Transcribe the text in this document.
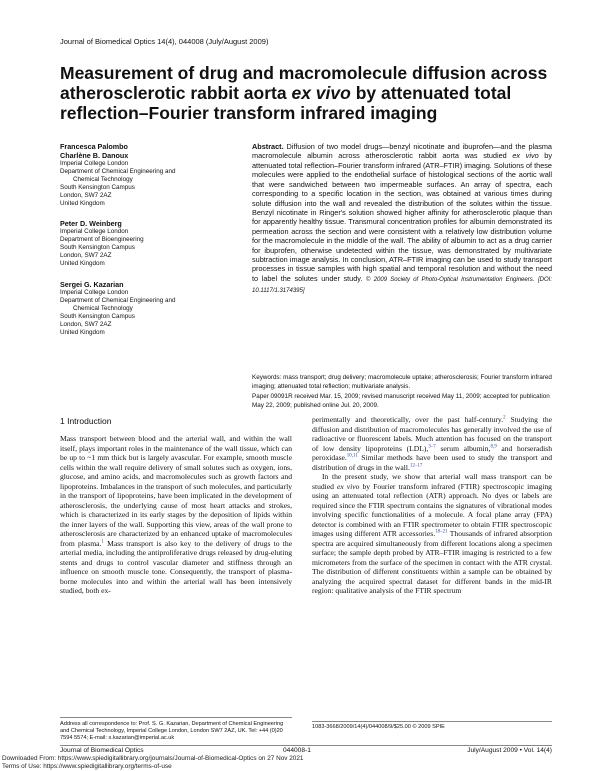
Journal of Biomedical Optics 14(4), 044008 (July/August 2009)
Measurement of drug and macromolecule diffusion across atherosclerotic rabbit aorta ex vivo by attenuated total reflection–Fourier transform infrared imaging
Francesca Palombo
Charlène B. Danoux
Imperial College London
Department of Chemical Engineering and
Chemical Technology
South Kensington Campus
London, SW7 2AZ
United Kingdom
Peter D. Weinberg
Imperial College London
Department of Bioengineering
South Kensington Campus
London, SW7 2AZ
United Kingdom
Sergei G. Kazarian
Imperial College London
Department of Chemical Engineering and
Chemical Technology
South Kensington Campus
London, SW7 2AZ
United Kingdom
Abstract. Diffusion of two model drugs—benzyl nicotinate and ibuprofen—and the plasma macromolecule albumin across atherosclerotic rabbit aorta was studied ex vivo by attenuated total reflection–Fourier transform infrared (ATR–FTIR) imaging. Solutions of these molecules were applied to the endothelial surface of histological sections of the aortic wall that were sandwiched between two impermeable surfaces. An array of spectra, each corresponding to a specific location in the section, was obtained at various times during solute diffusion into the wall and revealed the distribution of the solutes within the tissue. Benzyl nicotinate in Ringer's solution showed higher affinity for atherosclerotic plaque than for apparently healthy tissue. Transmural concentration profiles for albumin demonstrated its permeation across the section and were consistent with a relatively low distribution volume for the macromolecule in the middle of the wall. The ability of albumin to act as a drug carrier for ibuprofen, otherwise undetected within the tissue, was demonstrated by multivariate subtraction image analysis. In conclusion, ATR–FTIR imaging can be used to study transport processes in tissue samples with high spatial and temporal resolution and without the need to label the solutes under study. © 2009 Society of Photo-Optical Instrumentation Engineers. [DOI: 10.1117/1.3174395]
Keywords: mass transport; drug delivery; macromolecule uptake; atherosclerosis; Fourier transform infrared imaging; attenuated total reflection; multivariate analysis.
Paper 09091R received Mar. 15, 2009; revised manuscript received May 11, 2009; accepted for publication May 22, 2009; published online Jul. 20, 2009.
1 Introduction
Mass transport between blood and the arterial wall, and within the wall itself, plays important roles in the maintenance of the wall tissue, which can be up to ~1 mm thick but is largely avascular. For example, smooth muscle cells within the wall require delivery of small solutes such as oxygen, ions, glucose, and amino acids, and macromolecules such as growth factors and lipoproteins. Imbalances in the transport of such molecules, and particularly in the transport of lipoproteins, have been implicated in the development of atherosclerosis, the underlying cause of most heart attacks and strokes, which is characterized in its early stages by the deposition of lipids within the inner layers of the wall. Supporting this view, areas of the wall prone to atherosclerosis are characterized by an enhanced uptake of macromolecules from plasma.$^1$ Mass transport is also key to the delivery of drugs to the arterial media, including the antiproliferative drugs released by drug-eluting stents and drugs to control vascular diameter and stiffness through an influence on smooth muscle tone. Consequently, the transport of plasma-borne molecules into and within the arterial wall has been intensively studied, both ex-

perimentally and theoretically, over the past half-century.$^2$ Studying the diffusion and distribution of macromolecules has generally involved the use of radioactive or fluorescent labels. Much attention has focused on the transport of low density lipoproteins (LDL),$^{3-7}$ serum albumin,$^{8,9}$ and horseradish peroxidase.$^{10,11}$ Similar methods have been used to study the transport and distribution of drugs in the wall.$^{12-17}$

In the present study, we show that arterial wall mass transport can be studied ex vivo by Fourier transform infrared (FTIR) spectroscopic imaging using an attenuated total reflection (ATR) approach. No dyes or labels are required since the FTIR spectrum contains the signatures of vibrational modes involving specific functionalities of a molecule. A focal plane array (FPA) detector is combined with an FTIR spectrometer to obtain FTIR spectroscopic images using different ATR accessories.$^{18-21}$ Thousands of infrared absorption spectra are acquired simultaneously from different locations along a specimen surface; the sample depth probed by ATR–FTIR imaging is restricted to a few micrometers from the surface of the specimen in contact with the ATR crystal. The distribution of different constituents within a sample can be obtained by analyzing the acquired spectral dataset for different bands in the mid-IR region: qualitative analysis of the FTIR spectrum

Address all correspondence to: Prof. S. G. Kazarian, Department of Chemical Engineering and Chemical Technology, Imperial College London, London SW7 2AZ, UK. Tel: +44 (0)20 7594 5574; E-mail: s.kazarian@imperial.ac.uk
1083-3668/2009/14(4)/044008/9/$25.00 © 2009 SPIE
Journal of Biomedical Optics	044008-1	July/August 2009 • Vol. 14(4)
Downloaded From: https://www.spiedigitallibrary.org/journals/Journal-of-Biomedical-Optics on 27 Nov 2021
Terms of Use: https://www.spiedigitallibrary.org/terms-of-use
